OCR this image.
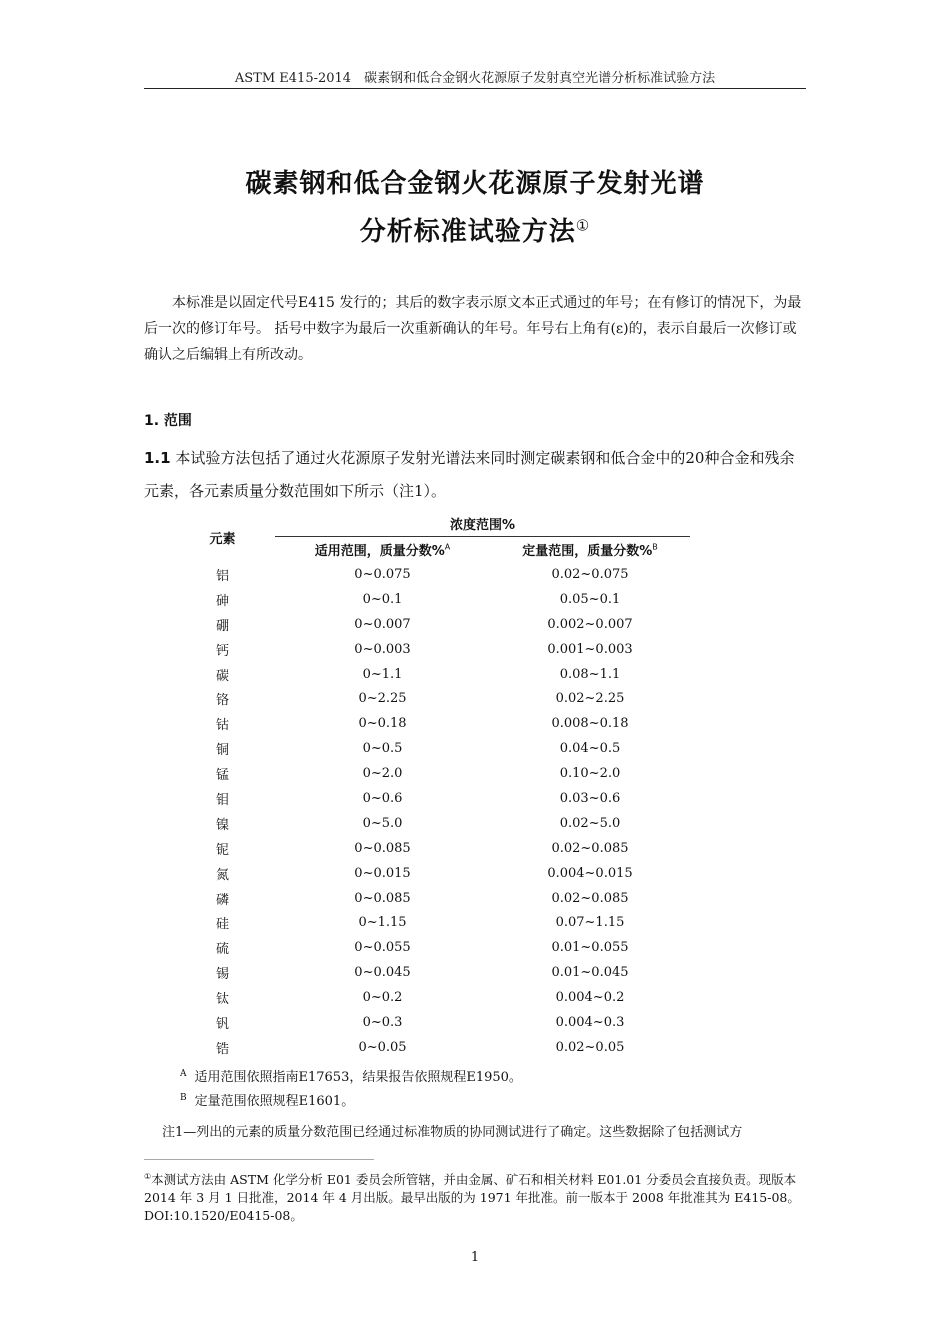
ASTM E415-2014　碳素钢和低合金钢火花源原子发射真空光谱分析标准试验方法
碳素钢和低合金钢火花源原子发射光谱
分析标准试验方法①
本标准是以固定代号E415 发行的；其后的数字表示原文本正式通过的年号；在有修订的情况下，为最后一次的修订年号。 括号中数字为最后一次重新确认的年号。年号右上角有(ε)的，表示自最后一次修订或确认之后编辑上有所改动。
1. 范围
1.1 本试验方法包括了通过火花源原子发射光谱法来同时测定碳素钢和低合金中的20种合金和残余元素，各元素质量分数范围如下所示（注1）。
元素	浓度范围%	
	适用范围，质量分数%$^A$	定量范围，质量分数%$^B$
铝	0~0.075	0.02~0.075
砷	0~0.1	0.05~0.1
硼	0~0.007	0.002~0.007
钙	0~0.003	0.001~0.003
碳	0~1.1	0.08~1.1
铬	0~2.25	0.02~2.25
钴	0~0.18	0.008~0.18
铜	0~0.5	0.04~0.5
锰	0~2.0	0.10~2.0
钼	0~0.6	0.03~0.6
镍	0~5.0	0.02~5.0
铌	0~0.085	0.02~0.085
氮	0~0.015	0.004~0.015
磷	0~0.085	0.02~0.085
硅	0~1.15	0.07~1.15
硫	0~0.055	0.01~0.055
锡	0~0.045	0.01~0.045
钛	0~0.2	0.004~0.2
钒	0~0.3	0.004~0.3
锆	0~0.05	0.02~0.05
$^A$ 适用范围依照指南E17653，结果报告依照规程E1950。
$^B$ 定量范围依照规程E1601。
注1—列出的元素的质量分数范围已经通过标准物质的协同测试进行了确定。这些数据除了包括测试方
①本测试方法由 ASTM 化学分析 E01 委员会所管辖，并由金属、矿石和相关材料 E01.01 分委员会直接负责。现版本 2014 年 3 月 1 日批准，2014 年 4 月出版。最早出版的为 1971 年批准。前一版本于 2008 年批准其为 E415-08。DOI:10.1520/E0415-08。
1
